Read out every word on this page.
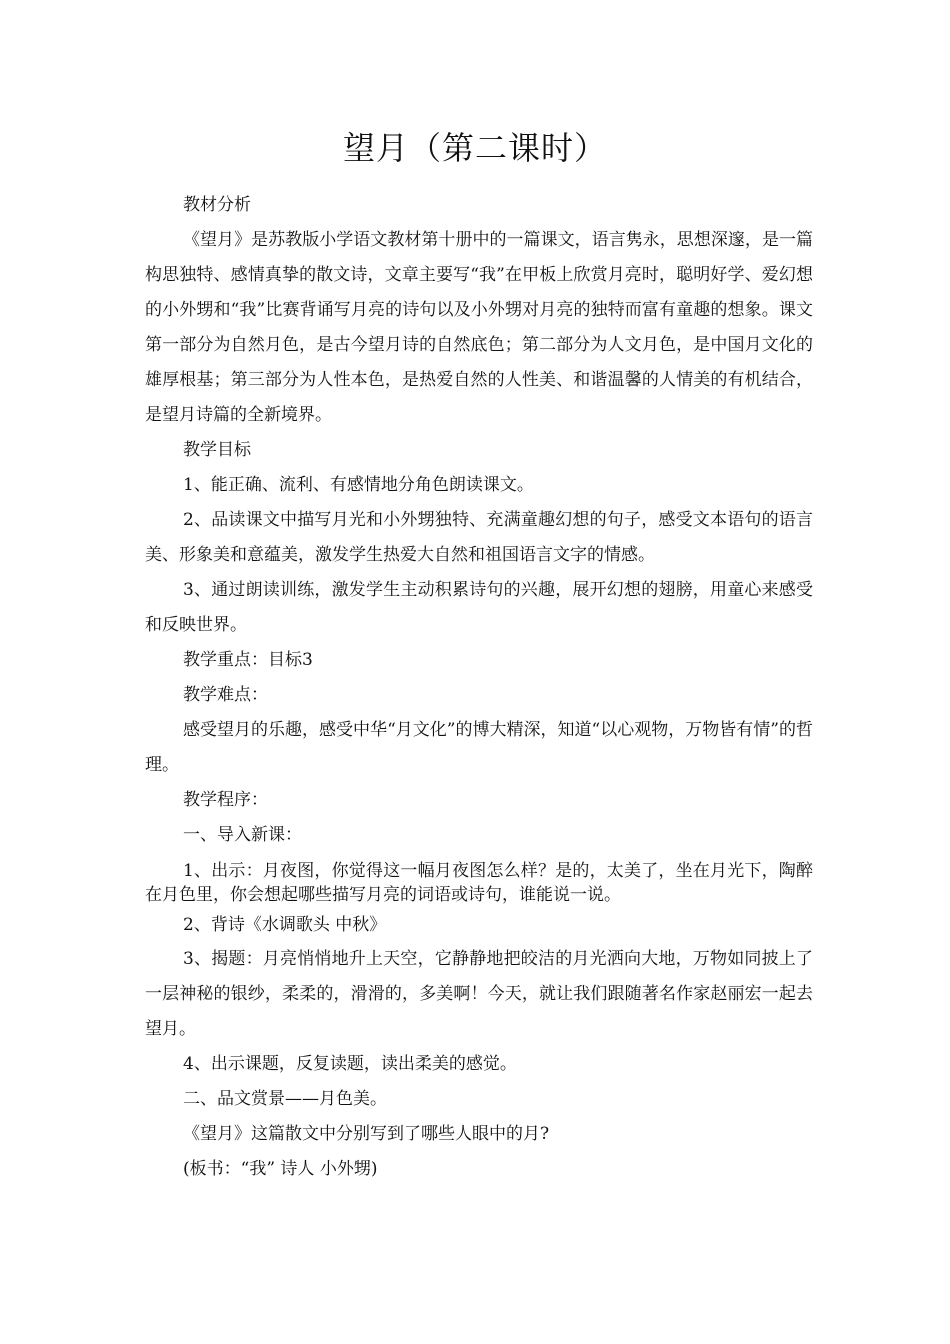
望月（第二课时）

教材分析

《望月》是苏教版小学语文教材第十册中的一篇课文，语言隽永，思想深邃，是一篇构思独特、感情真挚的散文诗，文章主要写“我”在甲板上欣赏月亮时，聪明好学、爱幻想的小外甥和“我”比赛背诵写月亮的诗句以及小外甥对月亮的独特而富有童趣的想象。课文第一部分为自然月色，是古今望月诗的自然底色；第二部分为人文月色，是中国月文化的雄厚根基；第三部分为人性本色，是热爱自然的人性美、和谐温馨的人情美的有机结合，是望月诗篇的全新境界。

教学目标

1、能正确、流利、有感情地分角色朗读课文。

2、品读课文中描写月光和小外甥独特、充满童趣幻想的句子，感受文本语句的语言美、形象美和意蕴美，激发学生热爱大自然和祖国语言文字的情感。

3、通过朗读训练，激发学生主动积累诗句的兴趣，展开幻想的翅膀，用童心来感受和反映世界。

教学重点：目标3

教学难点：

感受望月的乐趣，感受中华“月文化”的博大精深，知道“以心观物，万物皆有情”的哲理。

教学程序：

一、导入新课：

1、出示：月夜图，你觉得这一幅月夜图怎么样？是的，太美了，坐在月光下，陶醉在月色里，你会想起哪些描写月亮的词语或诗句，谁能说一说。

2、背诗《水调歌头 中秋》

3、揭题：月亮悄悄地升上天空，它静静地把皎洁的月光洒向大地，万物如同披上了一层神秘的银纱，柔柔的，滑滑的，多美啊！今天，就让我们跟随著名作家赵丽宏一起去望月。

4、出示课题，反复读题，读出柔美的感觉。

二、品文赏景——月色美。

《望月》这篇散文中分别写到了哪些人眼中的月?

(板书：“我” 诗人 小外甥)
